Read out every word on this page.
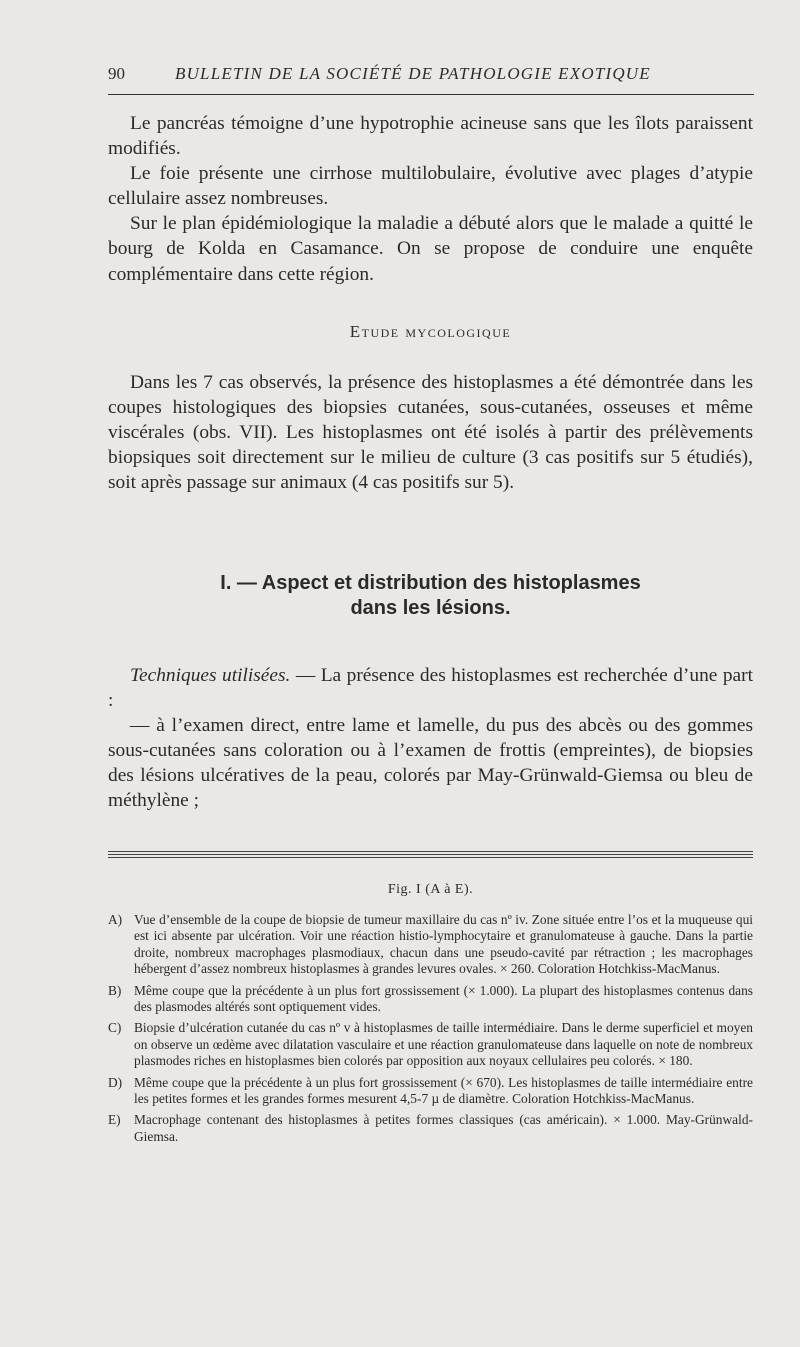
90	BULLETIN DE LA SOCIÉTÉ DE PATHOLOGIE EXOTIQUE

Le pancréas témoigne d’une hypotrophie acineuse sans que les îlots paraissent modifiés.

Le foie présente une cirrhose multilobulaire, évolutive avec plages d’atypie cellulaire assez nombreuses.

Sur le plan épidémiologique la maladie a débuté alors que le malade a quitté le bourg de Kolda en Casamance. On se propose de conduire une enquête complémentaire dans cette région.

Etude mycologique

Dans les 7 cas observés, la présence des histoplasmes a été démontrée dans les coupes histologiques des biopsies cutanées, sous-cutanées, osseuses et même viscérales (obs. VII). Les histoplasmes ont été isolés à partir des prélèvements biopsiques soit directement sur le milieu de culture (3 cas positifs sur 5 étudiés), soit après passage sur animaux (4 cas positifs sur 5).

I. — Aspect et distribution des histoplasmes
dans les lésions.

Techniques utilisées. — La présence des histoplasmes est recherchée d’une part :

— à l’examen direct, entre lame et lamelle, du pus des abcès ou des gommes sous-cutanées sans coloration ou à l’examen de frottis (empreintes), de biopsies des lésions ulcératives de la peau, colorés par May-Grünwald-Giemsa ou bleu de méthylène ;

Fig. I (A à E).
A) Vue d’ensemble de la coupe de biopsie de tumeur maxillaire du cas nº iv. Zone située entre l’os et la muqueuse qui est ici absente par ulcération. Voir une réaction histio-lymphocytaire et granulomateuse à gauche. Dans la partie droite, nombreux macrophages plasmodiaux, chacun dans une pseudo-cavité par rétraction ; les macrophages hébergent d’assez nombreux histoplasmes à grandes levures ovales. × 260. Coloration Hotchkiss-MacManus.
B) Même coupe que la précédente à un plus fort grossissement (× 1.000). La plupart des histoplasmes contenus dans des plasmodes altérés sont optiquement vides.
C) Biopsie d’ulcération cutanée du cas nº v à histoplasmes de taille intermédiaire. Dans le derme superficiel et moyen on observe un œdème avec dilatation vasculaire et une réaction granulomateuse dans laquelle on note de nombreux plasmodes riches en histoplasmes bien colorés par opposition aux noyaux cellulaires peu colorés. × 180.
D) Même coupe que la précédente à un plus fort grossissement (× 670). Les histoplasmes de taille intermédiaire entre les petites formes et les grandes formes mesurent 4,5-7 µ de diamètre. Coloration Hotchkiss-MacManus.
E) Macrophage contenant des histoplasmes à petites formes classiques (cas américain). × 1.000. May-Grünwald-Giemsa.
